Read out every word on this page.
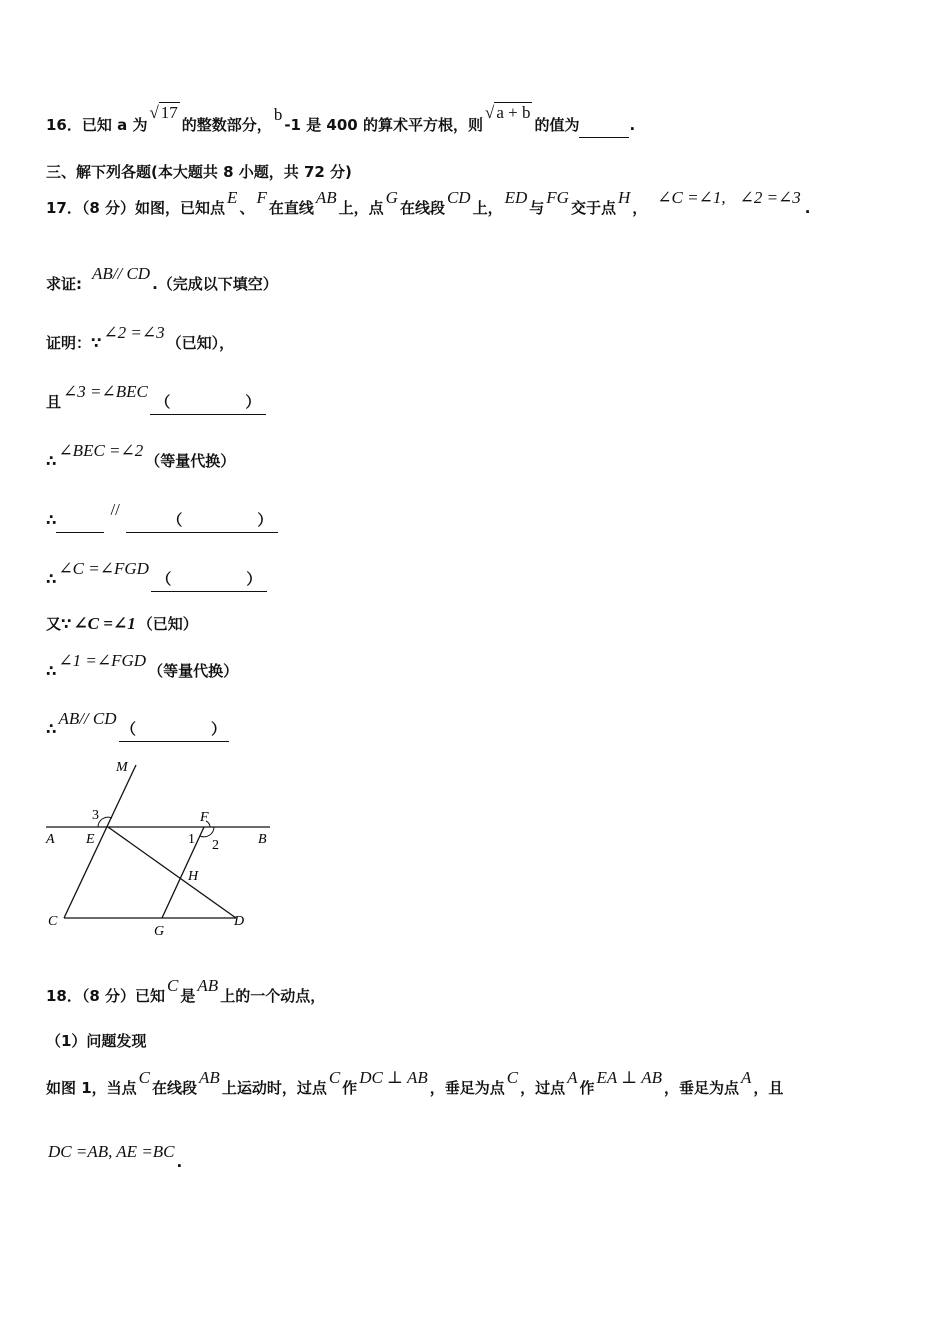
16．已知 a 为√ 17的整数部分，b-1 是 400 的算术平方根，则√ a + b的值为	.
三、解下列各题(本大题共 8 小题，共 72 分)
17．（8 分）如图，已知点E、F在直线AB上，点G在线段CD上，ED与FG交于点H，∠C =∠1, ∠2 =∠3.
求证:AB// CD.（完成以下填空）
证明：∵∠2 =∠3（已知），
且∠3 =∠BEC（　　　　　）
∴∠BEC =∠2（等量代换）
∴ // （　　　　　）
∴∠C =∠FGD（　　　　　）
又∵ ∠C =∠1 （已知）
∴∠1 =∠FGD（等量代换）
∴AB// CD（　　　　　）
M
3	F
A E	1 2	B
H
C
G
D
18．（8 分）已知C是AB上的一个动点，
（1）问题发现
如图 1，当点C在线段AB上运动时，过点C作DC ⊥ AB，垂足为点C，过点A作EA ⊥ AB，垂足为点A，且
DC =AB, AE =BC.
